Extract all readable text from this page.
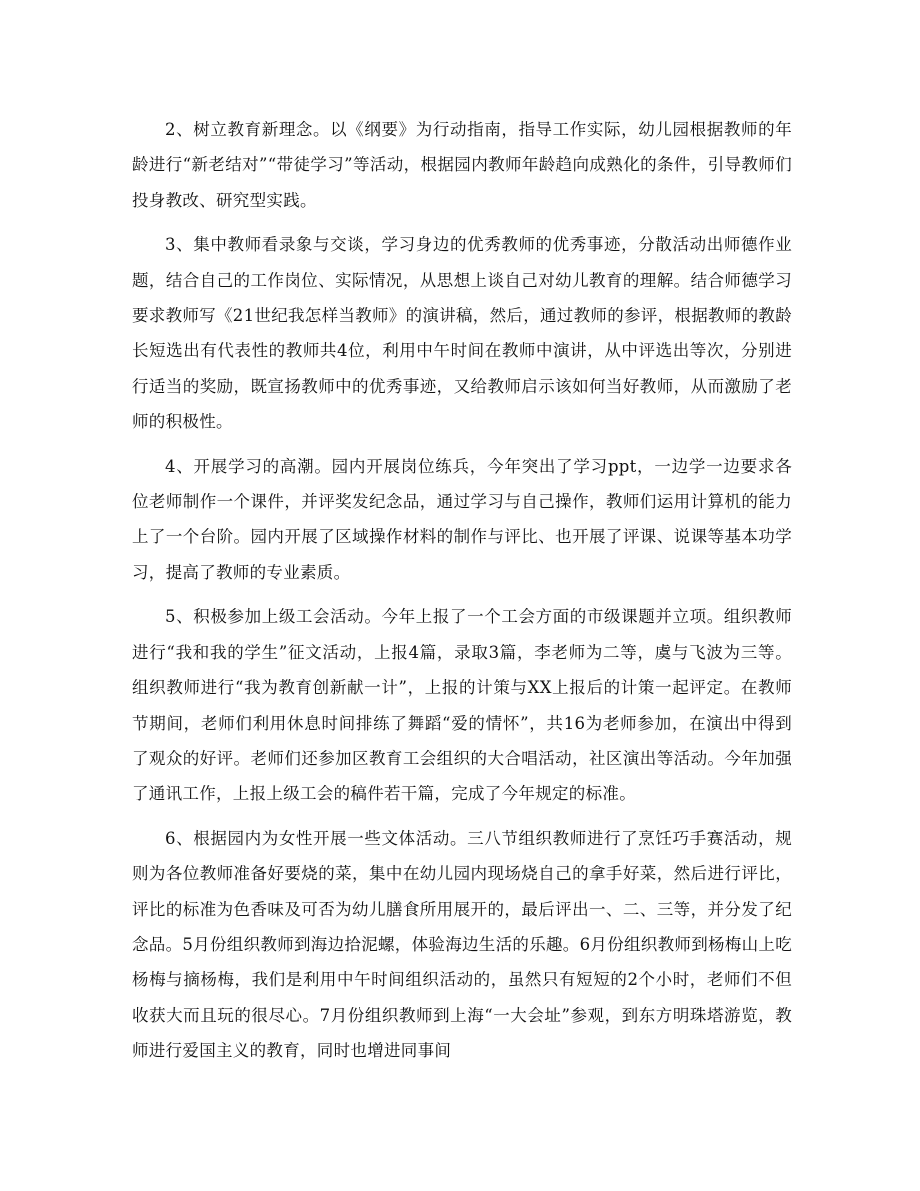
2、树立教育新理念。以《纲要》为行动指南，指导工作实际，幼儿园根据教师的年龄进行“新老结对”“带徒学习”等活动，根据园内教师年龄趋向成熟化的条件，引导教师们投身教改、研究型实践。

3、集中教师看录象与交谈，学习身边的优秀教师的优秀事迹，分散活动出师德作业题，结合自己的工作岗位、实际情况，从思想上谈自己对幼儿教育的理解。结合师德学习要求教师写《21世纪我怎样当教师》的演讲稿，然后，通过教师的参评，根据教师的教龄长短选出有代表性的教师共4位，利用中午时间在教师中演讲，从中评选出等次，分别进行适当的奖励，既宣扬教师中的优秀事迹，又给教师启示该如何当好教师，从而激励了老师的积极性。

4、开展学习的高潮。园内开展岗位练兵，今年突出了学习ppt，一边学一边要求各位老师制作一个课件，并评奖发纪念品，通过学习与自己操作，教师们运用计算机的能力上了一个台阶。园内开展了区域操作材料的制作与评比、也开展了评课、说课等基本功学习，提高了教师的专业素质。

5、积极参加上级工会活动。今年上报了一个工会方面的市级课题并立项。组织教师进行“我和我的学生”征文活动，上报4篇，录取3篇，李老师为二等，虞与飞波为三等。组织教师进行“我为教育创新献一计”，上报的计策与XX上报后的计策一起评定。在教师节期间，老师们利用休息时间排练了舞蹈“爱的情怀”，共16为老师参加，在演出中得到了观众的好评。老师们还参加区教育工会组织的大合唱活动，社区演出等活动。今年加强了通讯工作，上报上级工会的稿件若干篇，完成了今年规定的标准。

6、根据园内为女性开展一些文体活动。三八节组织教师进行了烹饪巧手赛活动，规则为各位教师准备好要烧的菜，集中在幼儿园内现场烧自己的拿手好菜，然后进行评比，评比的标准为色香味及可否为幼儿膳食所用展开的，最后评出一、二、三等，并分发了纪念品。5月份组织教师到海边拾泥螺，体验海边生活的乐趣。6月份组织教师到杨梅山上吃杨梅与摘杨梅，我们是利用中午时间组织活动的，虽然只有短短的2个小时，老师们不但收获大而且玩的很尽心。7月份组织教师到上海“一大会址”参观，到东方明珠塔游览，教师进行爱国主义的教育，同时也增进同事间
